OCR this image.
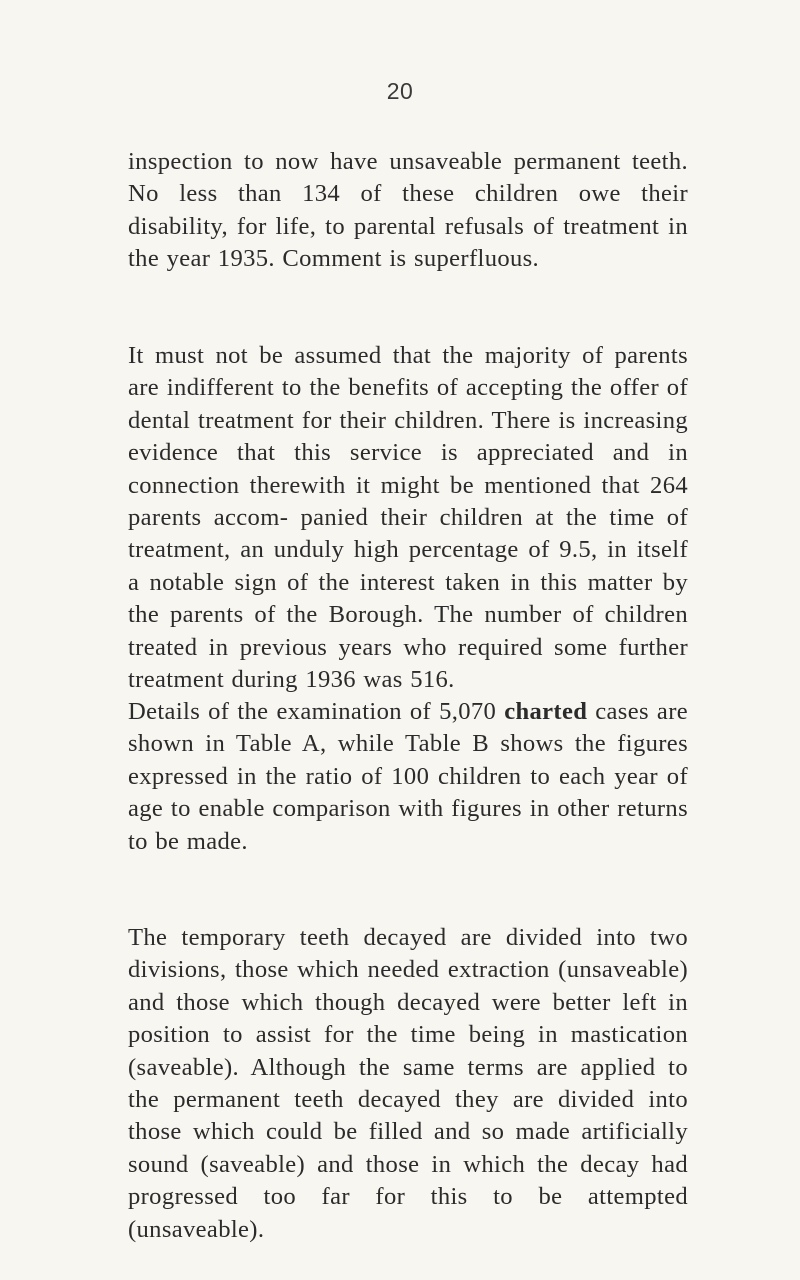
20

inspection to now have unsaveable permanent teeth. No less than 134 of these children owe their disability, for life, to parental refusals of treatment in the year 1935. Comment is superfluous.

It must not be assumed that the majority of parents are indifferent to the benefits of accepting the offer of dental treatment for their children. There is increasing evidence that this service is appreciated and in connection therewith it might be mentioned that 264 parents accom- panied their children at the time of treatment, an unduly high percentage of 9.5, in itself a notable sign of the interest taken in this matter by the parents of the Borough. The number of children treated in previous years who required some further treatment during 1936 was 516.

Details of the examination of 5,070 charted cases are shown in Table A, while Table B shows the figures expressed in the ratio of 100 children to each year of age to enable comparison with figures in other returns to be made.

The temporary teeth decayed are divided into two divisions, those which needed extraction (unsaveable) and those which though decayed were better left in position to assist for the time being in mastication (saveable). Although the same terms are applied to the permanent teeth decayed they are divided into those which could be filled and so made artificially sound (saveable) and those in which the decay had progressed too far for this to be attempted (unsaveable).
